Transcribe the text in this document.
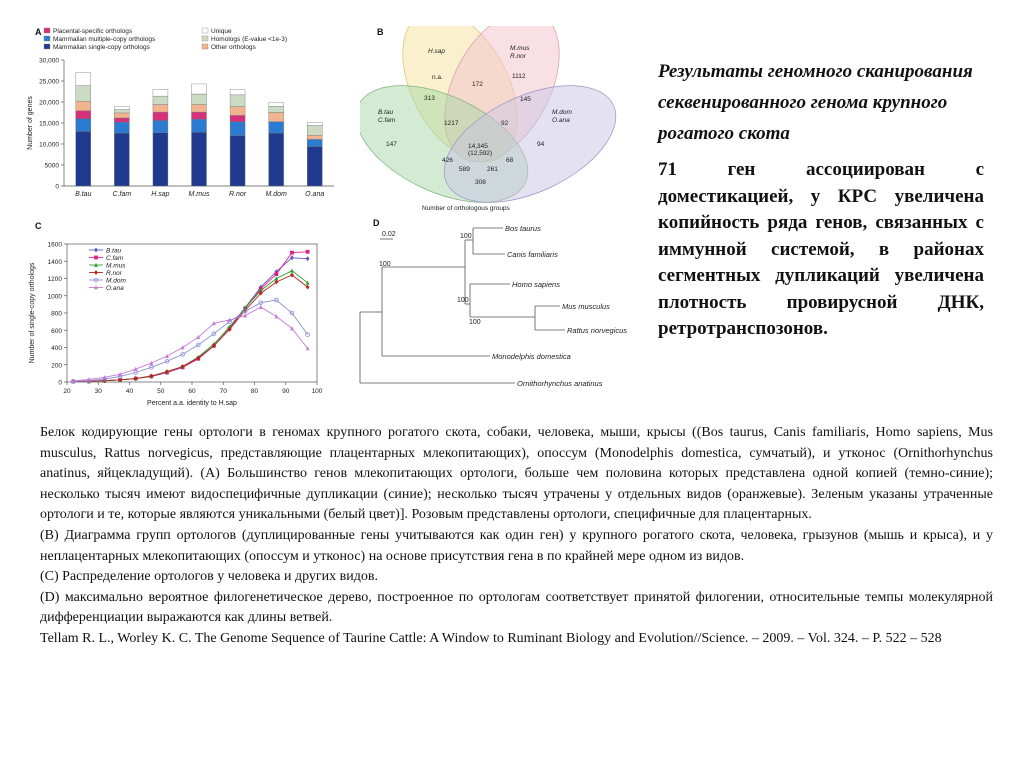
A Placental-specific orthologs	Unique
Mammalian multiple-copy orthologs	Homologs (E-value <1e-3)
Mammalian single-copy orthologs	Other orthologs
0
5000
10,000
15,000
20,000
25,000
30,000
Number of genes
B.tau	C.fam	H.sap	M.mus	R.nor	M.dom	O.ana
B
H.sap	M.mus R.nor
B.tau C.fam
M.dom O.ana
n.a.
172
1112
313	145
1217	92
147	14,345 (12,592)
94
426	68
589	261
308
Number of orthologous groups
C
0
200
400
600
800
1000
1200
1400
1600
20	30	40	50	60	70	80	90	100
Percent a.a. identity to H.sap
Number of single-copy orthologs
B.tau
C.fam
M.mus
R.nor
M.dom
O.ana
D
0.02	100
100
100
100
Bos taurus
Canis familiaris
Homo sapiens
Mus musculus
Rattus norvegicus
Monodelphis domestica
Ornithorhynchus anatinus

Результаты геномного сканирования секвенированного генома крупного рогатого скота

71 ген ассоциирован с доместикацией, у КРС увеличена копийность ряда генов, связанных с иммунной системой, в районах сегментных дупликаций увеличена плотность провирусной ДНК, ретротранспозонов.

Белок кодирующие гены ортологи в геномах крупного рогатого скота, собаки, человека, мыши, крысы ((Bos taurus, Canis familiaris, Homo sapiens, Mus musculus, Rattus norvegicus, представляющие плацентарных млекопитающих), опоссум (Monodelphis domestica, сумчатый), и утконос (Ornithorhynchus anatinus, яйцекладущий). (А) Большинство генов млекопитающих ортологи, больше чем половина которых представлена одной копией (темно-синие); несколько тысяч имеют видоспецифичные дупликации (синие); несколько тысяч утрачены у отдельных видов (оранжевые). Зеленым указаны утраченные ортологи и те, которые являются уникальными (белый цвет)]. Розовым представлены ортологи, специфичные для плацентарных.

(В) Диаграмма групп ортологов (дуплицированные гены учитываются как один ген) у крупного рогатого скота, человека, грызунов (мышь и крыса), и у неплацентарных млекопитающих (опоссум и утконос) на основе присутствия гена в по крайней мере одном из видов.

(С) Распределение ортологов у человека и других видов.

(D) максимально вероятное филогенетическое дерево, построенное по ортологам соответствует принятой филогении, относительные темпы молекулярной дифференциации выражаются как длины ветвей.

Tellam R. L., Worley K. C. The Genome Sequence of Taurine Cattle: A Window to Ruminant Biology and Evolution//Science. – 2009. – Vol. 324. – P. 522 – 528
